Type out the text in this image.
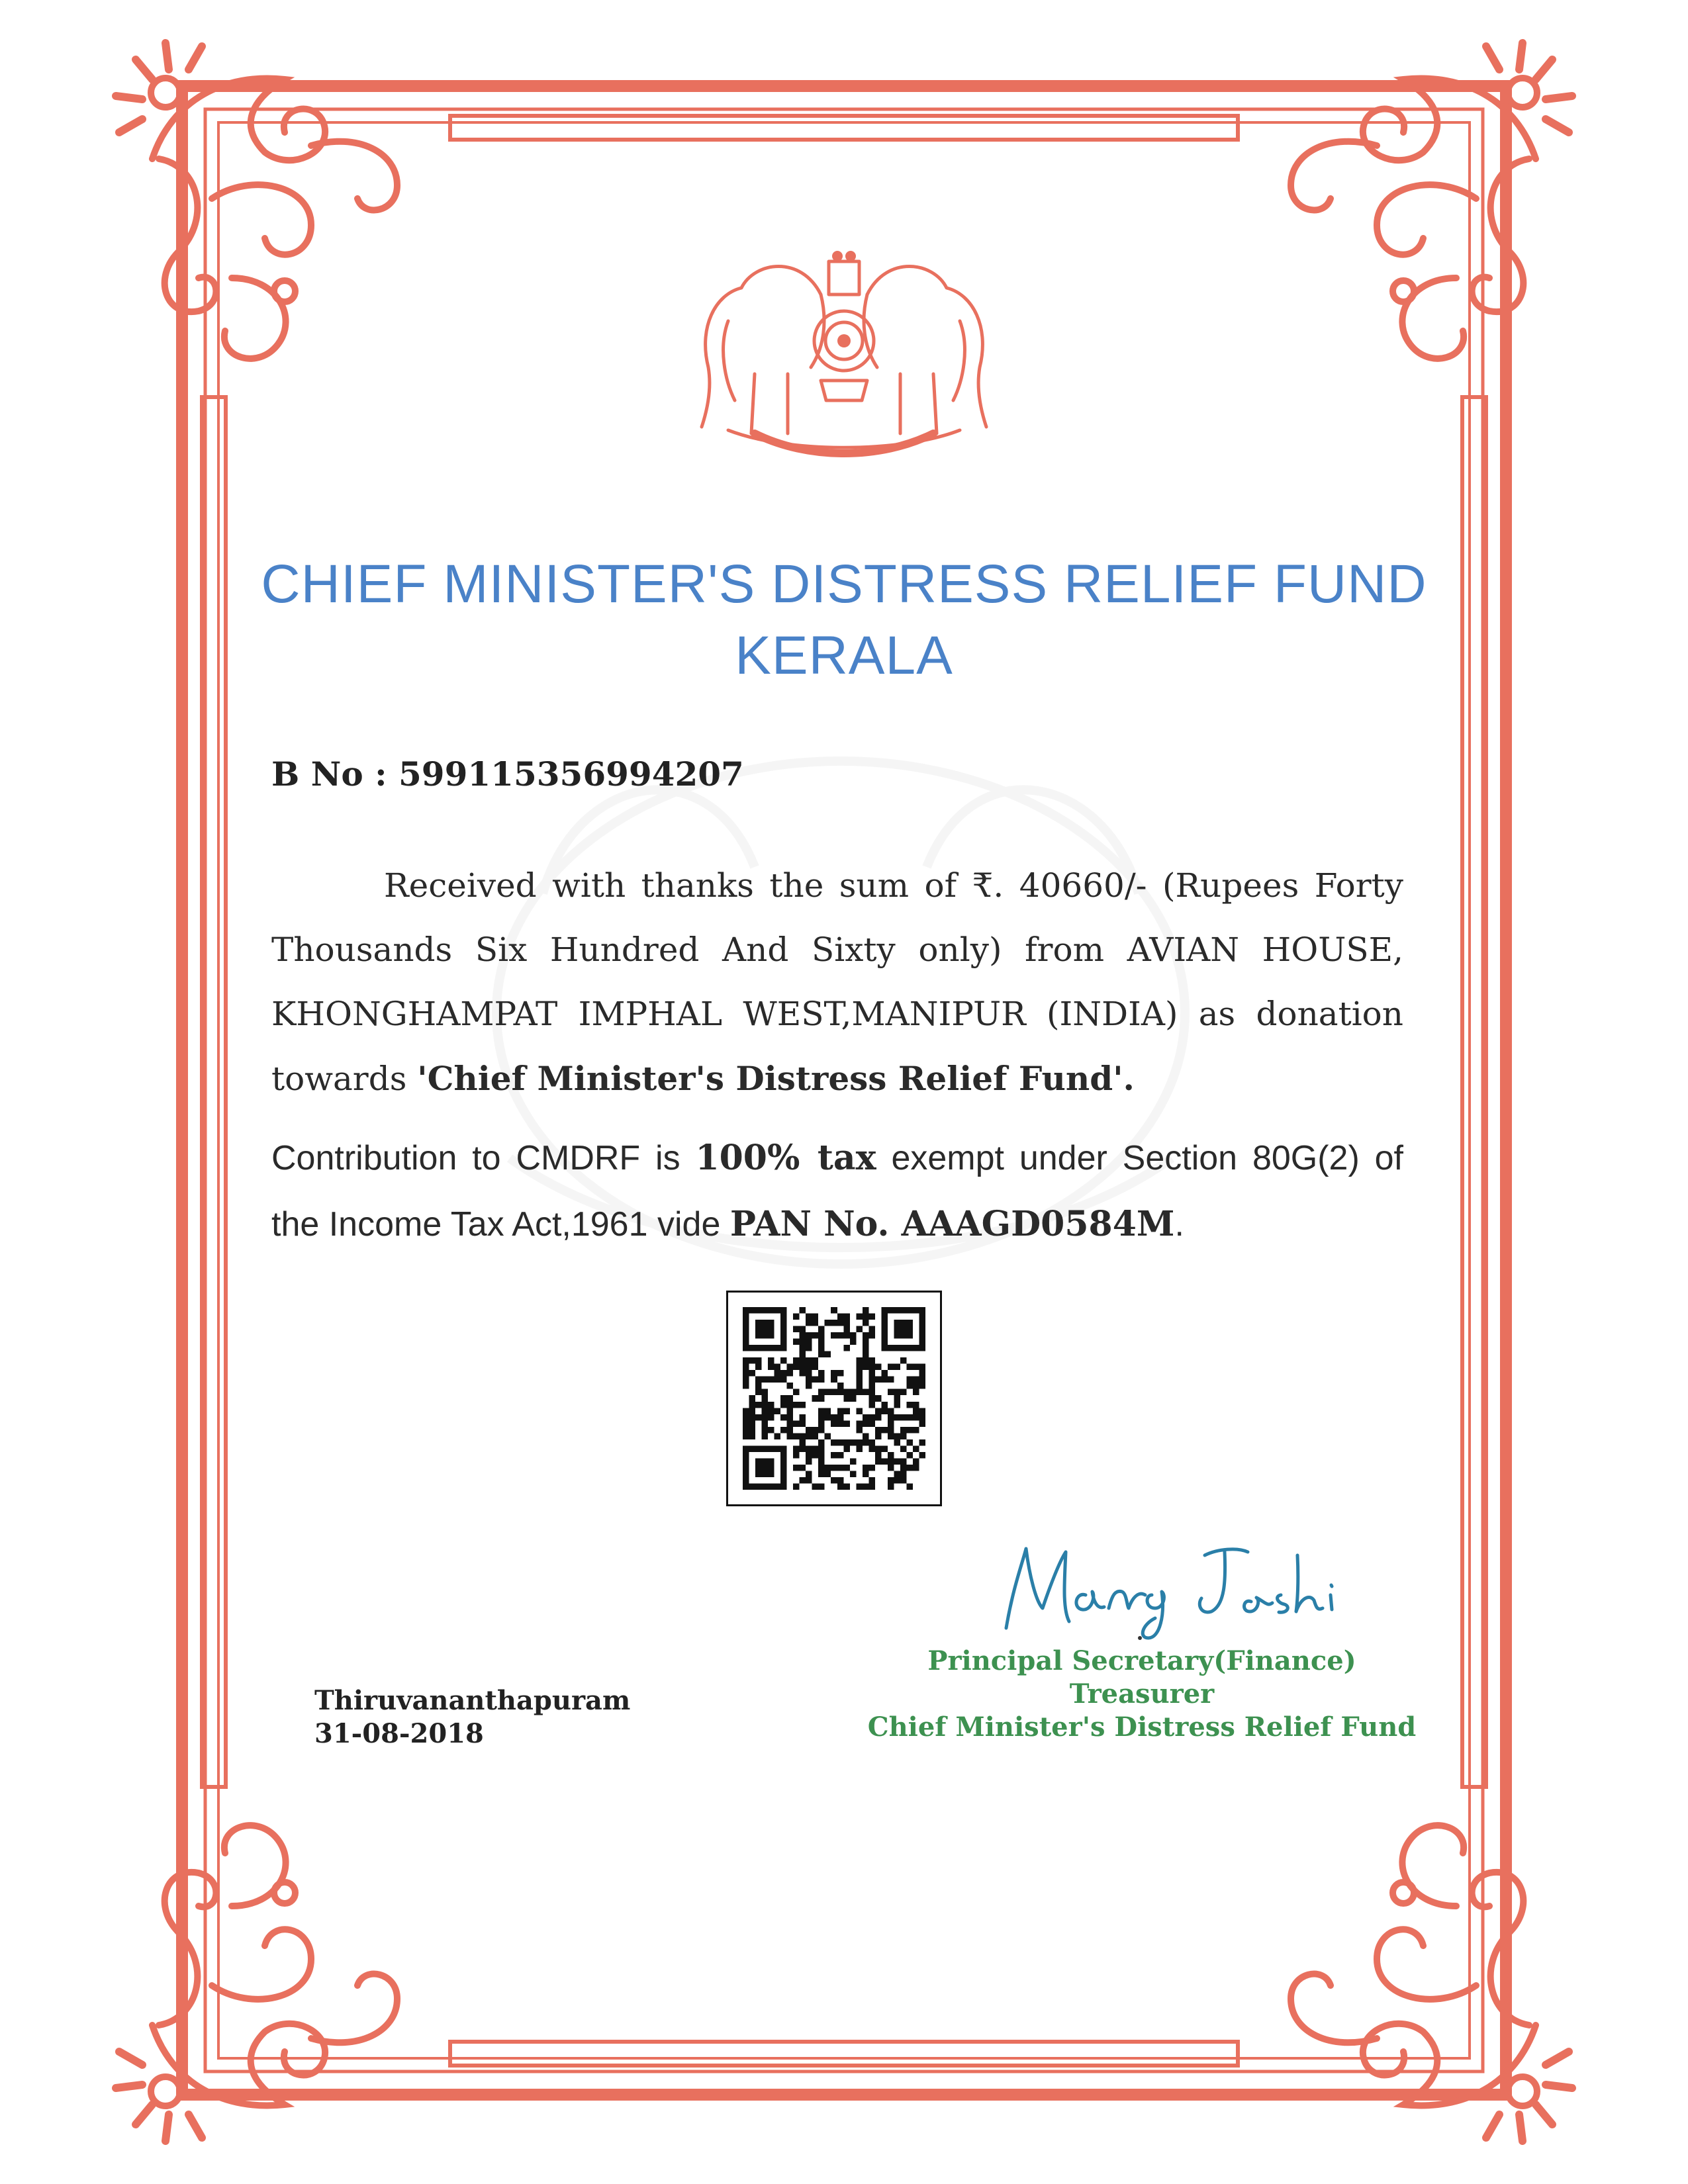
CHIEF MINISTER'S DISTRESS RELIEF FUND
KERALA
B No : 599115356994207

Received with thanks the sum of ₹. 40660/- (Rupees Forty Thousands Six Hundred And Sixty only) from AVIAN HOUSE, KHONGHAMPAT IMPHAL WEST,MANIPUR (INDIA) as donation towards 'Chief Minister's Distress Relief Fund'.

Contribution to CMDRF is 100% tax exempt under Section 80G(2) of the Income Tax Act,1961 vide PAN No. AAAGD0584M.

Thiruvananthapuram
31-08-2018
Principal Secretary(Finance)
Treasurer
Chief Minister's Distress Relief Fund
